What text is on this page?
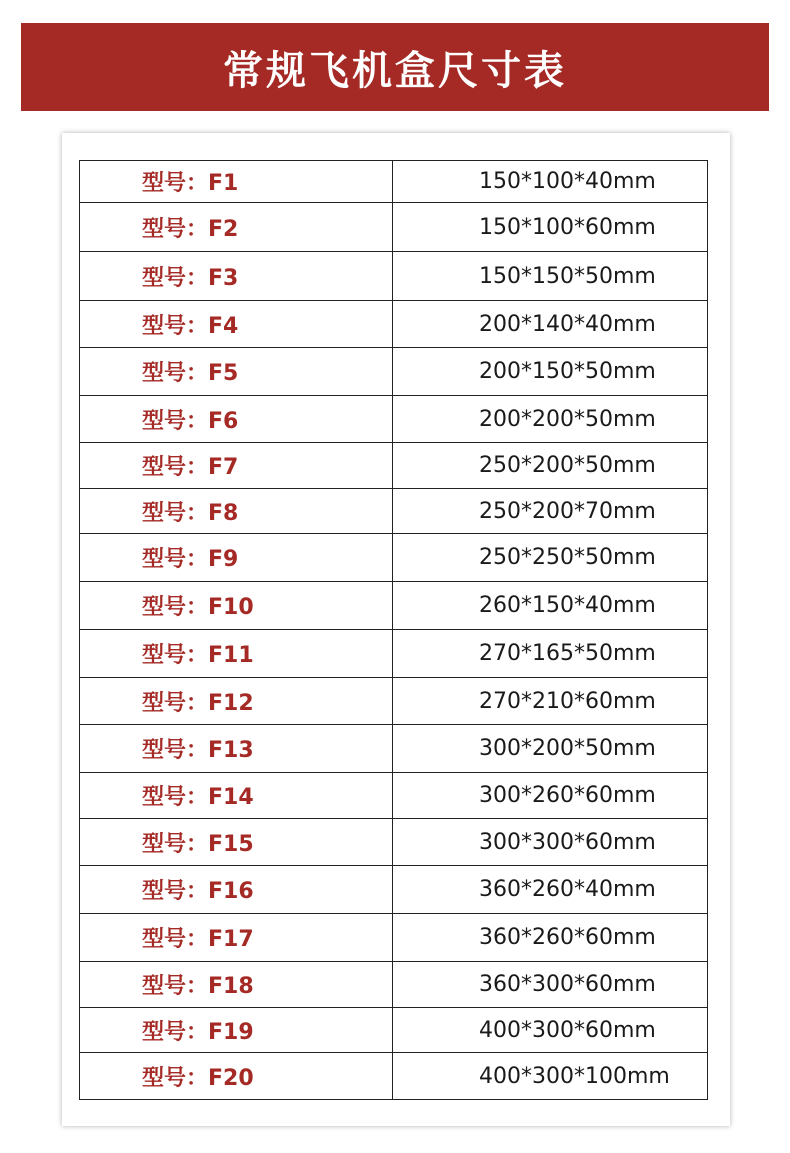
常规飞机盒尺寸表
型号：F1	150*100*40mm
型号：F2	150*100*60mm
型号：F3	150*150*50mm
型号：F4	200*140*40mm
型号：F5	200*150*50mm
型号：F6	200*200*50mm
型号：F7	250*200*50mm
型号：F8	250*200*70mm
型号：F9	250*250*50mm
型号：F10	260*150*40mm
型号：F11	270*165*50mm
型号：F12	270*210*60mm
型号：F13	300*200*50mm
型号：F14	300*260*60mm
型号：F15	300*300*60mm
型号：F16	360*260*40mm
型号：F17	360*260*60mm
型号：F18	360*300*60mm
型号：F19	400*300*60mm
型号：F20	400*300*100mm
